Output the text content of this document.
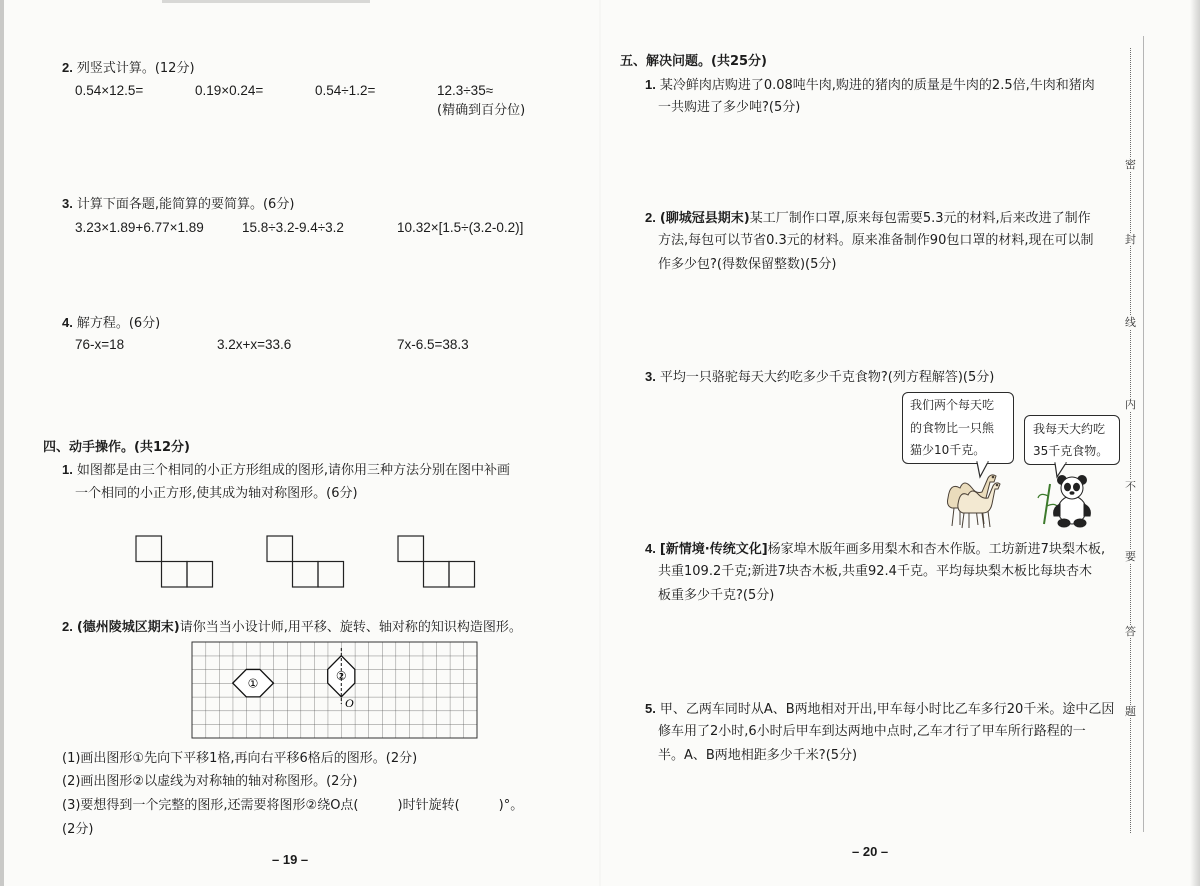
2. 列竖式计算。(12分)
0.54×12.5=	0.19×0.24=	0.54÷1.2=	12.3÷35≈
(精确到百分位)
3. 计算下面各题,能简算的要简算。(6分)
3.23×1.89+6.77×1.89	15.8÷3.2-9.4÷3.2	10.32×[1.5÷(3.2-0.2)]
4. 解方程。(6分)
76-x=18	3.2x+x=33.6	7x-6.5=38.3
四、动手操作。(共12分)
1. 如图都是由三个相同的小正方形组成的图形,请你用三种方法分别在图中补画
一个相同的小正方形,使其成为轴对称图形。(6分)
2. (德州陵城区期末)请你当当小设计师,用平移、旋转、轴对称的知识构造图形。
①
②
O
(1)画出图形①先向下平移1格,再向右平移6格后的图形。(2分)
(2)画出图形②以虚线为对称轴的轴对称图形。(2分)
(3)要想得到一个完整的图形,还需要将图形②绕O点(　　　)时针旋转(　　　)°。
(2分)
– 19 –
五、解决问题。(共25分)
1. 某冷鲜肉店购进了0.08吨牛肉,购进的猪肉的质量是牛肉的2.5倍,牛肉和猪肉
一共购进了多少吨?(5分)
2. (聊城冠县期末)某工厂制作口罩,原来每包需要5.3元的材料,后来改进了制作
方法,每包可以节省0.3元的材料。原来准备制作90包口罩的材料,现在可以制
作多少包?(得数保留整数)(5分)
3. 平均一只骆驼每天大约吃多少千克食物?(列方程解答)(5分)
我们两个每天吃
的食物比一只熊
猫少10千克。
我每天大约吃
35千克食物。
4. [新情境·传统文化]杨家埠木版年画多用梨木和杏木作版。工坊新进7块梨木板,
共重109.2千克;新进7块杏木板,共重92.4千克。平均每块梨木板比每块杏木
板重多少千克?(5分)
5. 甲、乙两车同时从A、B两地相对开出,甲车每小时比乙车多行20千米。途中乙因
修车用了2小时,6小时后甲车到达两地中点时,乙车才行了甲车所行路程的一
半。A、B两地相距多少千米?(5分)
– 20 –
密
封
线
内
不
要
答
题
